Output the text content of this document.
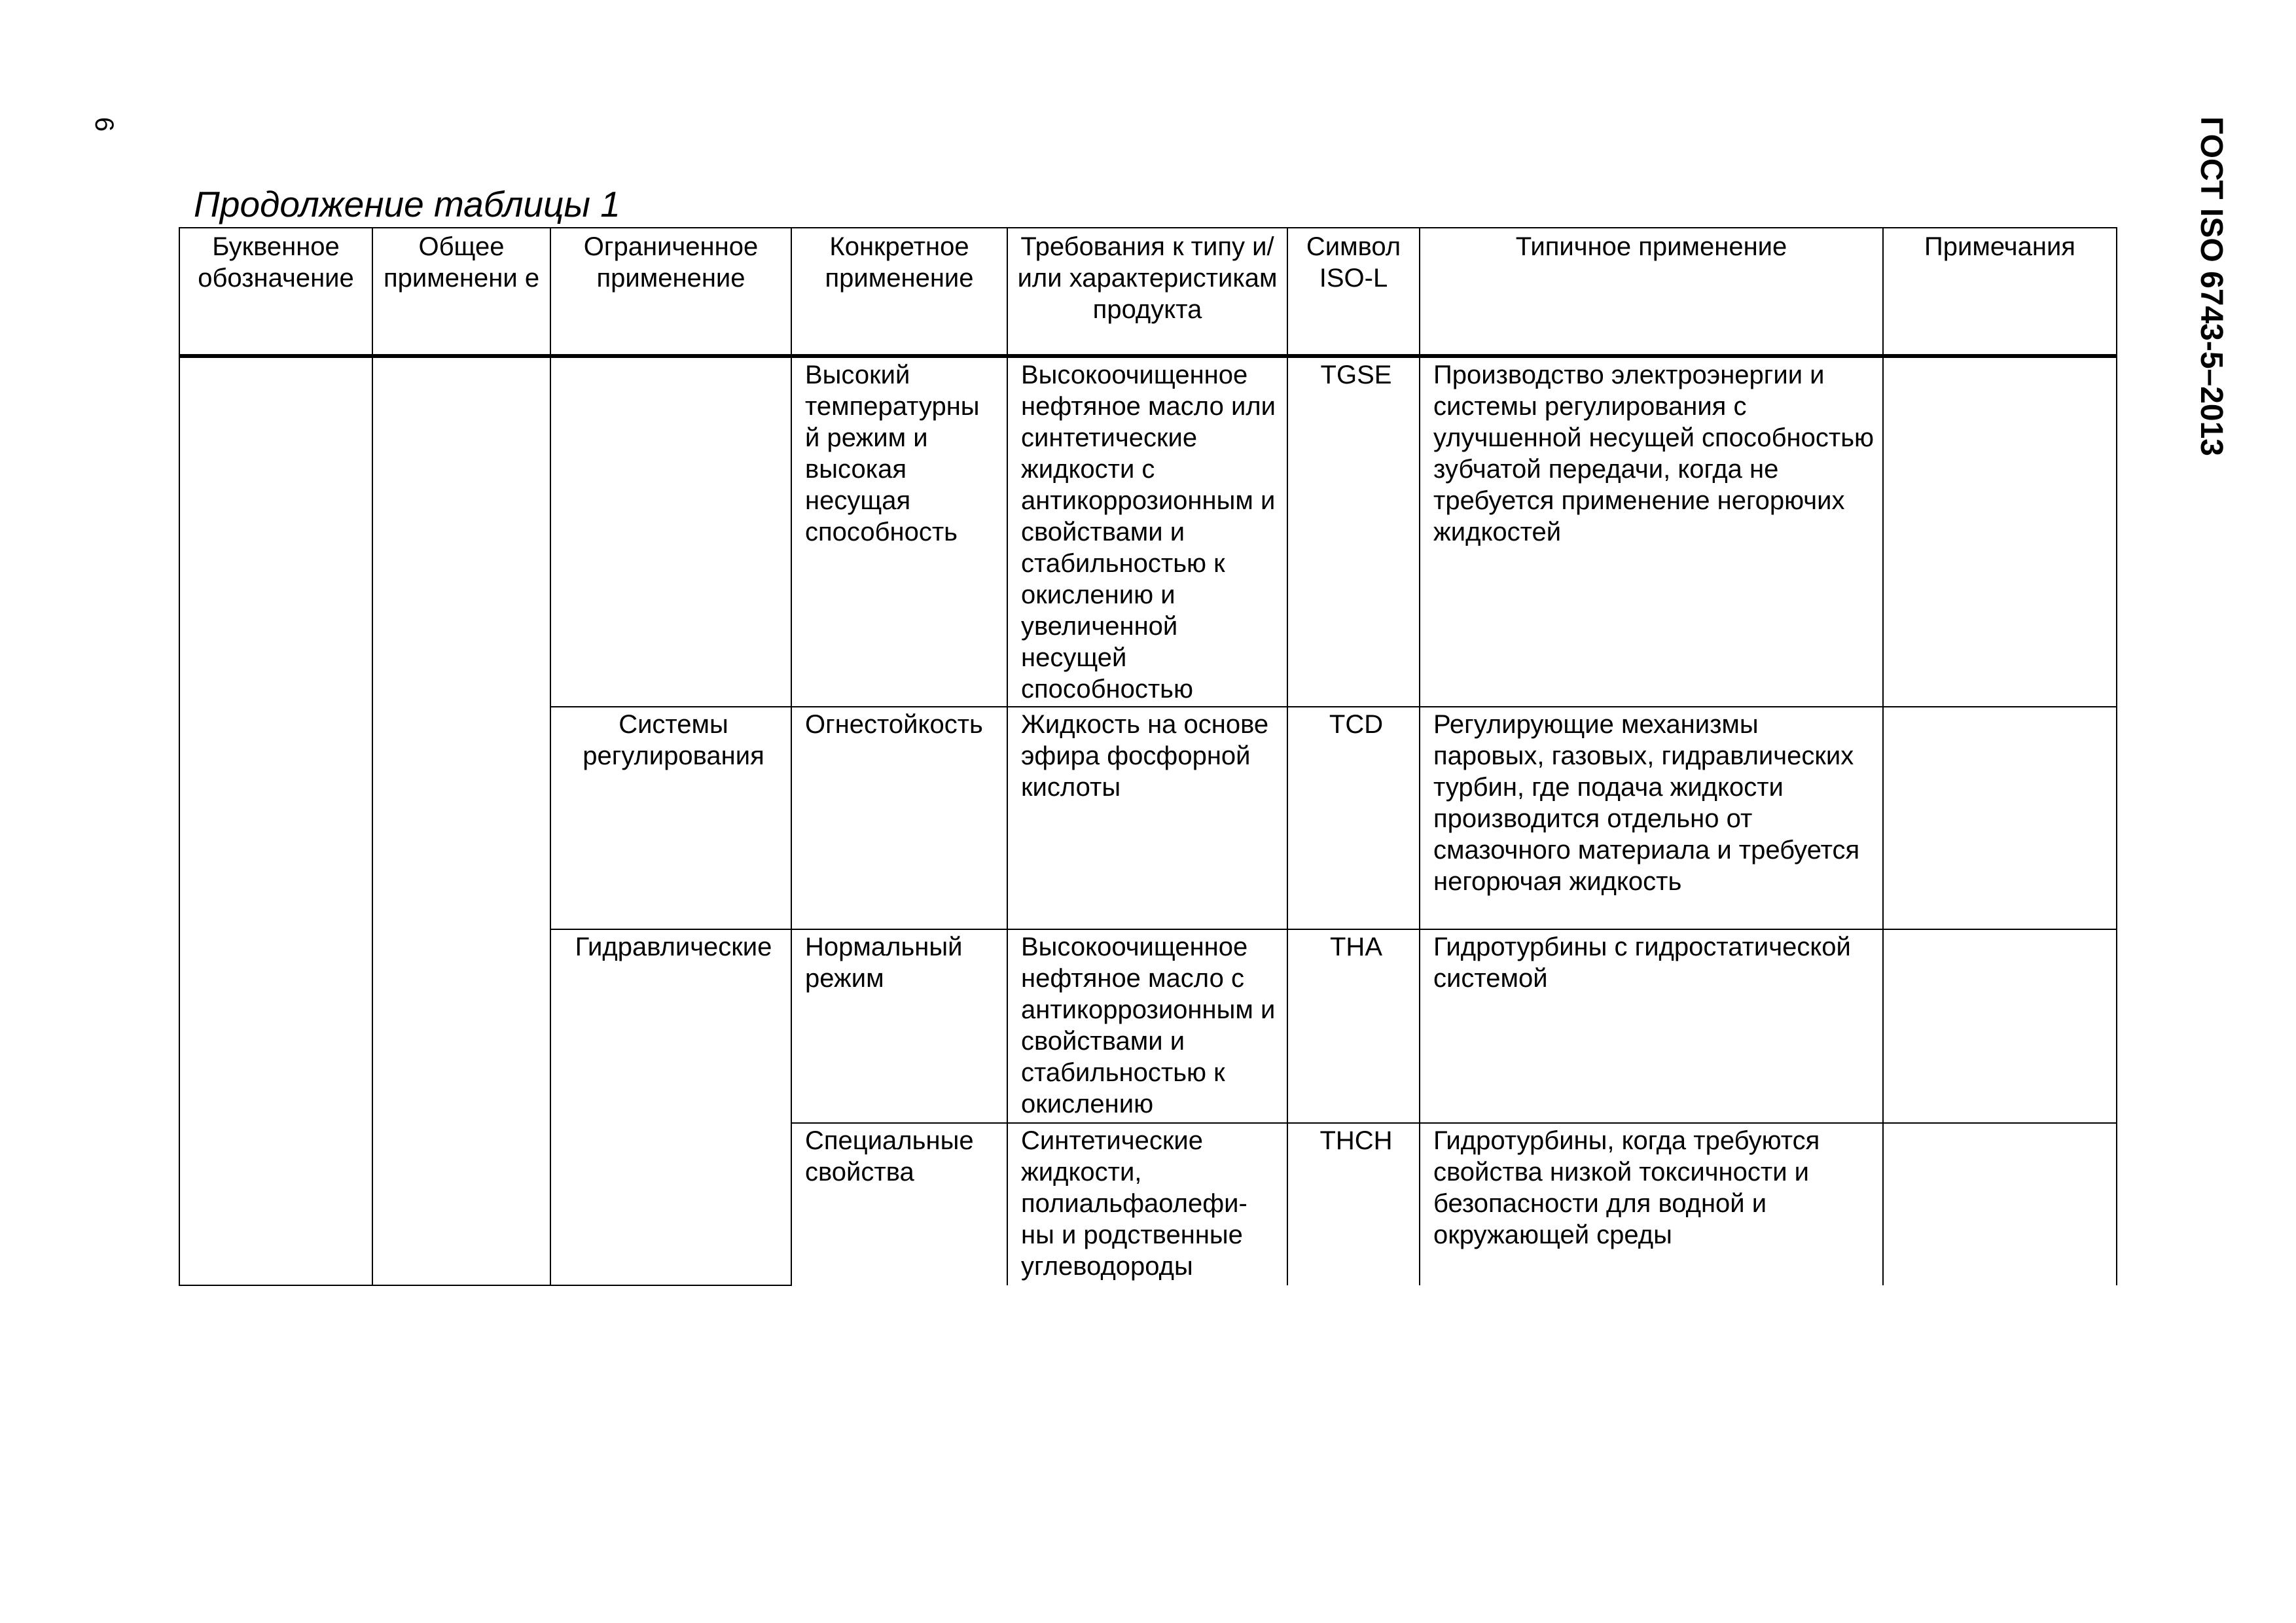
6	ГОСТ ISO 6743-5–2013
Продолжение таблицы 1
Буквенное обозначение	Общее применени е	Ограниченное применение	Конкретное применение	Требования к типу и/или характеристикам продукта	Символ ISO-L	Типичное применение	Примечания
			Высокий температурны й режим и высокая несущая способность	Высокоочищенное нефтяное масло или синтетические жидкости с антикоррозионным и свойствами и стабильностью к окислению и увеличенной несущей способностью	TGSE	Производство электроэнергии и системы регулирования с улучшенной несущей способностью зубчатой передачи, когда не требуется применение негорючих жидкостей	
		Системы регулирования	Огнестойкость	Жидкость на основе эфира фосфорной кислоты	TCD	Регулирующие механизмы паровых, газовых, гидравлических турбин, где подача жидкости производится отдельно от смазочного материала и требуется негорючая жидкость	
		Гидравлические	Нормальный режим	Высокоочищенное нефтяное масло с антикоррозионным и свойствами и стабильностью к окислению	THA	Гидротурбины с гидростатической системой	
			Специальные свойства	Синтетические жидкости, полиальфаолефи-ны и родственные углеводороды	THCH	Гидротурбины, когда требуются свойства низкой токсичности и безопасности для водной и окружающей среды	
